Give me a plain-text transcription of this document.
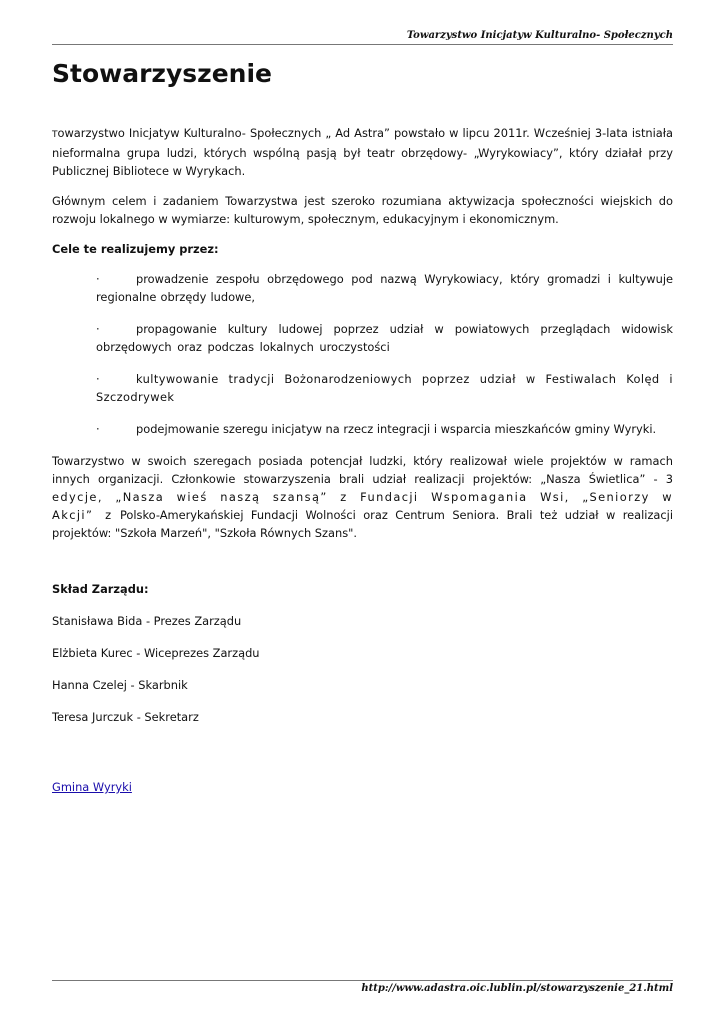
Towarzystwo Inicjatyw Kulturalno- Społecznych
Stowarzyszenie

Towarzystwo Inicjatyw Kulturalno- Społecznych „ Ad Astra” powstało w lipcu 2011r. Wcześniej 3-lata istniała nieformalna grupa ludzi, których wspólną pasją był teatr obrzędowy- „Wyrykowiacy”, który działał przy Publicznej Bibliotece w Wyrykach.

Głównym celem i zadaniem Towarzystwa jest szeroko rozumiana aktywizacja społeczności wiejskich do rozwoju lokalnego w wymiarze: kulturowym, społecznym, edukacyjnym i ekonomicznym.

Cele te realizujemy przez:

·	prowadzenie zespołu obrzędowego pod nazwą Wyrykowiacy, który gromadzi i kultywuje regionalne obrzędy ludowe,

·	propagowanie kultury ludowej poprzez udział w powiatowych przeglądach widowisk obrzędowych oraz podczas lokalnych uroczystości

·	kultywowanie tradycji Bożonarodzeniowych poprzez udział w Festiwalach Kolęd i Szczodrywek

·	podejmowanie szeregu inicjatyw na rzecz integracji i wsparcia mieszkańców gminy Wyryki.

Towarzystwo w swoich szeregach posiada potencjał ludzki, który realizował wiele projektów w ramach innych organizacji. Członkowie stowarzyszenia brali udział realizacji projektów: „Nasza Świetlica” - 3 edycje, „Nasza wieś naszą szansą” z Fundacji Wspomagania Wsi, „Seniorzy w Akcji” z Polsko-Amerykańskiej Fundacji Wolności oraz Centrum Seniora. Brali też udział w realizacji projektów: "Szkoła Marzeń", "Szkoła Równych Szans".

Skład Zarządu:

Stanisława Bida - Prezes Zarządu

Elżbieta Kurec - Wiceprezes Zarządu

Hanna Czelej - Skarbnik

Teresa Jurczuk - Sekretarz

Gmina Wyryki
http://www.adastra.oic.lublin.pl/stowarzyszenie_21.html
